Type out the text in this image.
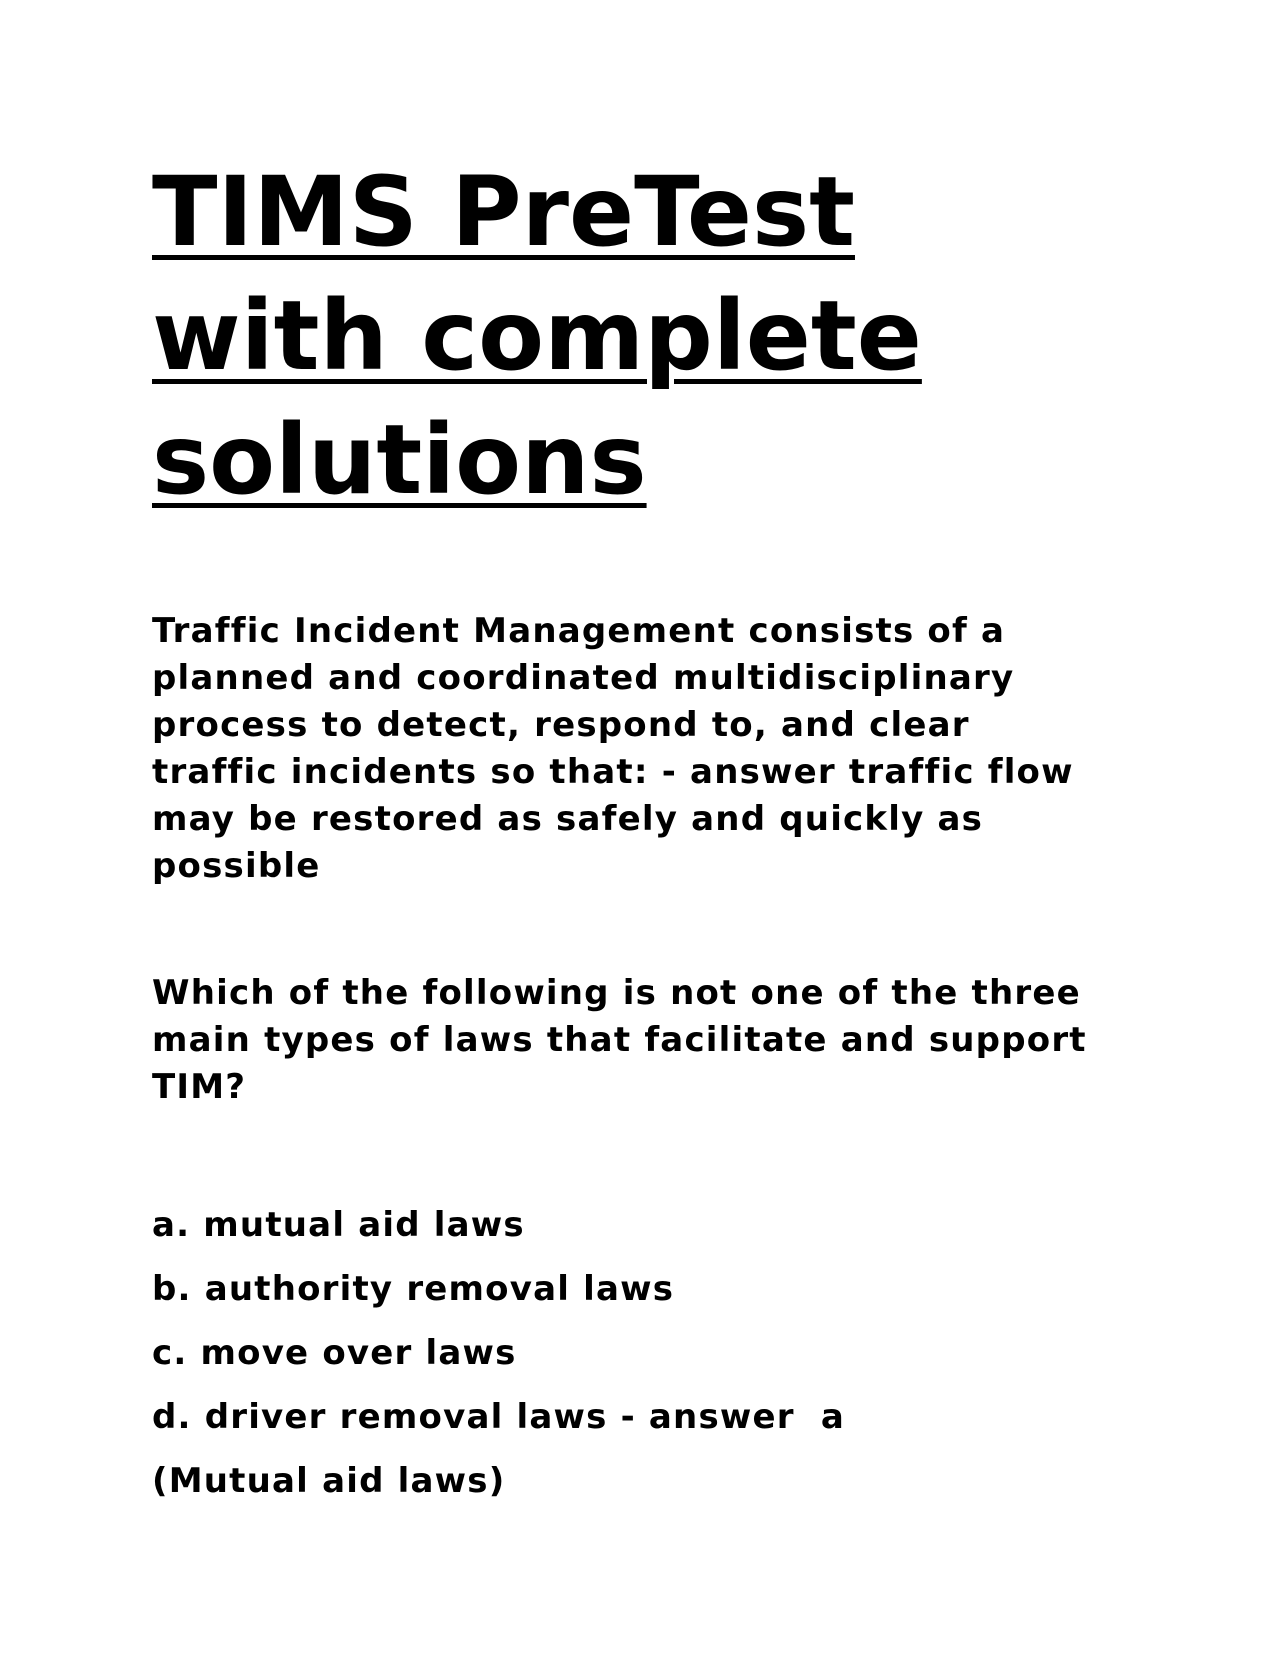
TIMS PreTest
with complete
solutions

Traffic Incident Management consists of a
planned and coordinated multidisciplinary
process to detect, respond to, and clear
traffic incidents so that: - answer traffic flow
may be restored as safely and quickly as
possible

Which of the following is not one of the three
main types of laws that facilitate and support
TIM?

a. mutual aid laws
b. authority removal laws
c. move over laws
d. driver removal laws - answer  a
(Mutual aid laws)
